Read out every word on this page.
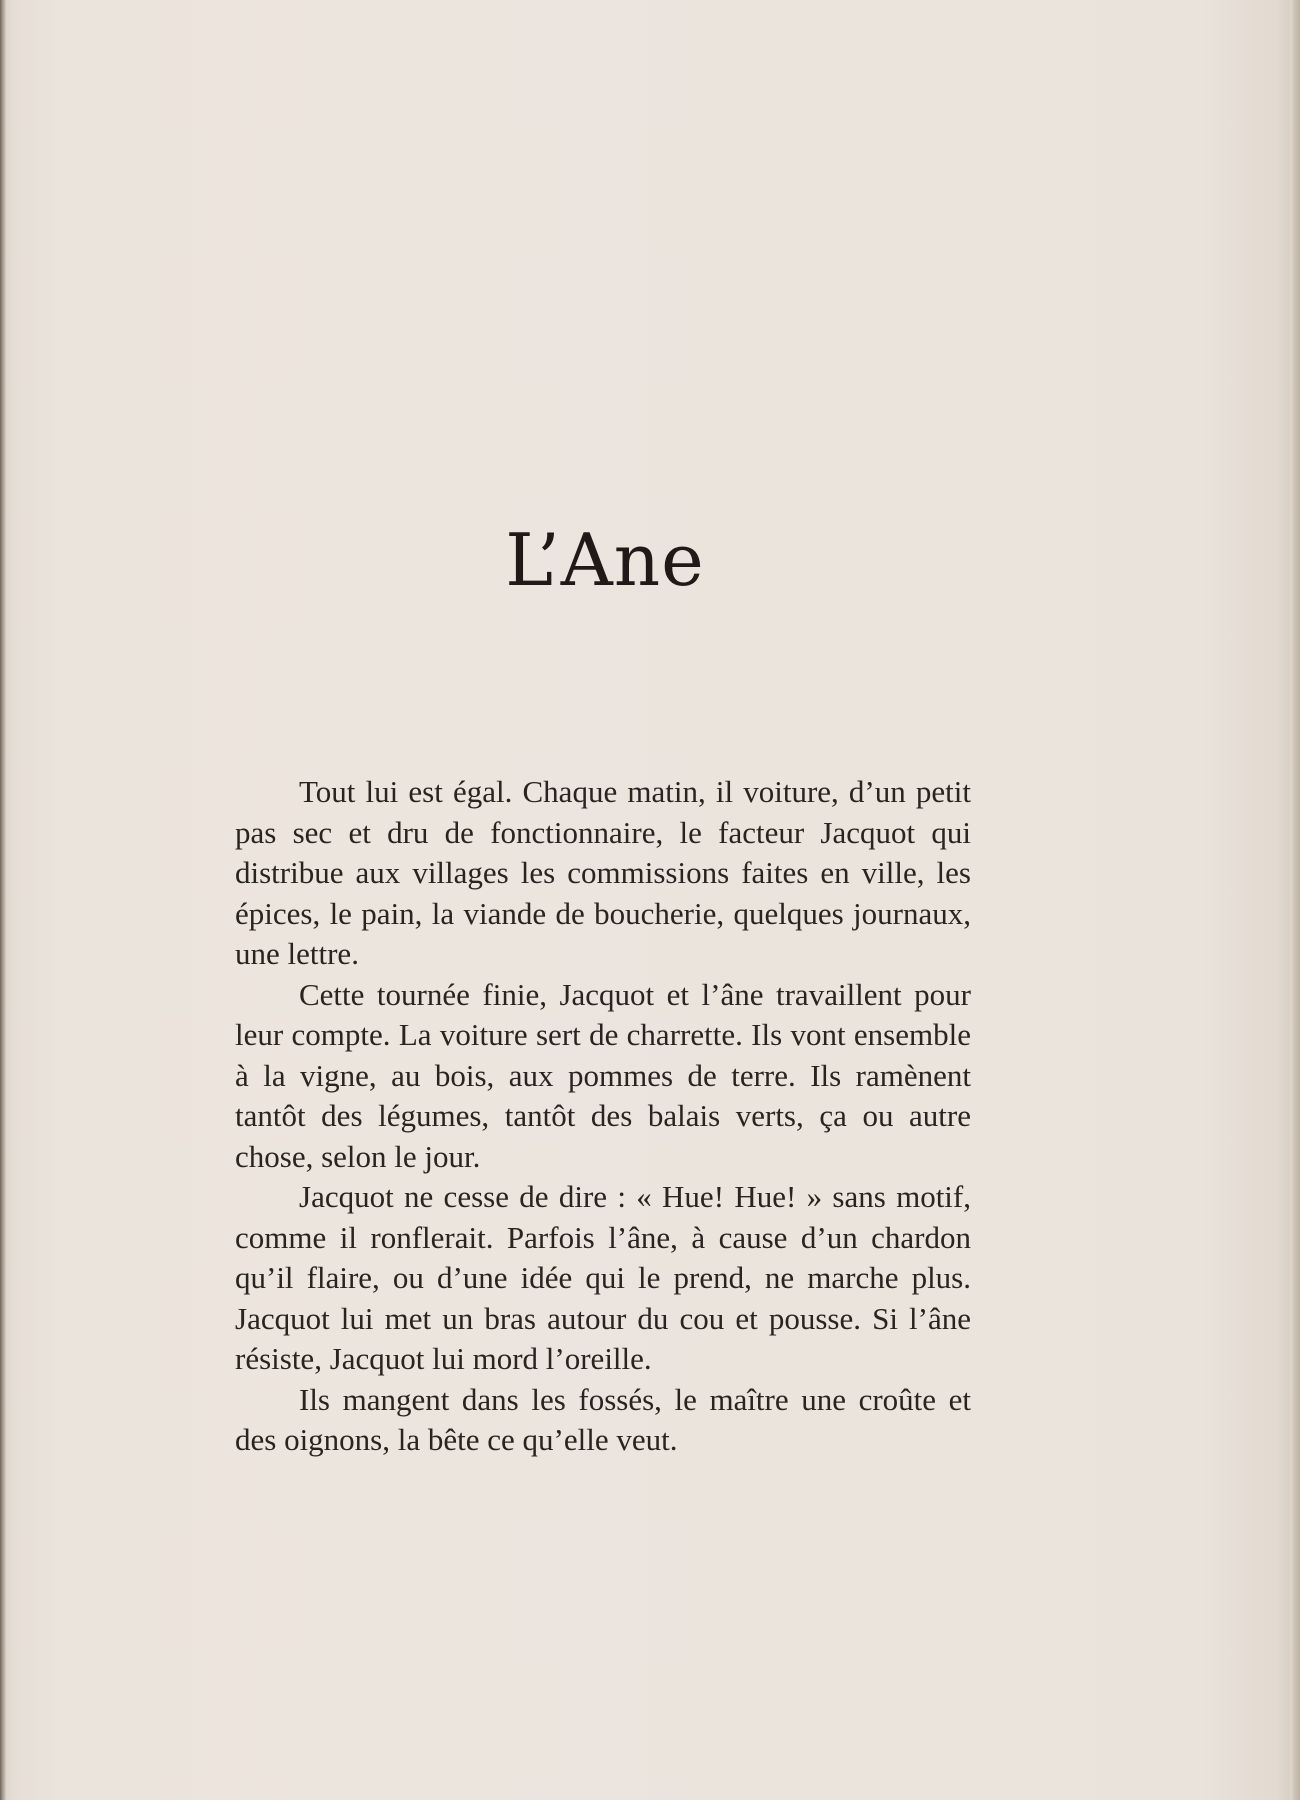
L’Ane

Tout lui est égal. Chaque matin, il voiture, d’un petit pas sec et dru de fonctionnaire, le facteur Jacquot qui distribue aux villages les commissions faites en ville, les épices, le pain, la viande de boucherie, quelques journaux, une lettre.

Cette tournée finie, Jacquot et l’âne travaillent pour leur compte. La voiture sert de charrette. Ils vont ensemble à la vigne, au bois, aux pommes de terre. Ils ramènent tantôt des légumes, tantôt des balais verts, ça ou autre chose, selon le jour.

Jacquot ne cesse de dire : « Hue! Hue! » sans motif, comme il ronflerait. Parfois l’âne, à cause d’un chardon qu’il flaire, ou d’une idée qui le prend, ne marche plus. Jacquot lui met un bras autour du cou et pousse. Si l’âne résiste, Jacquot lui mord l’oreille.

Ils mangent dans les fossés, le maître une croûte et des oignons, la bête ce qu’elle veut.
